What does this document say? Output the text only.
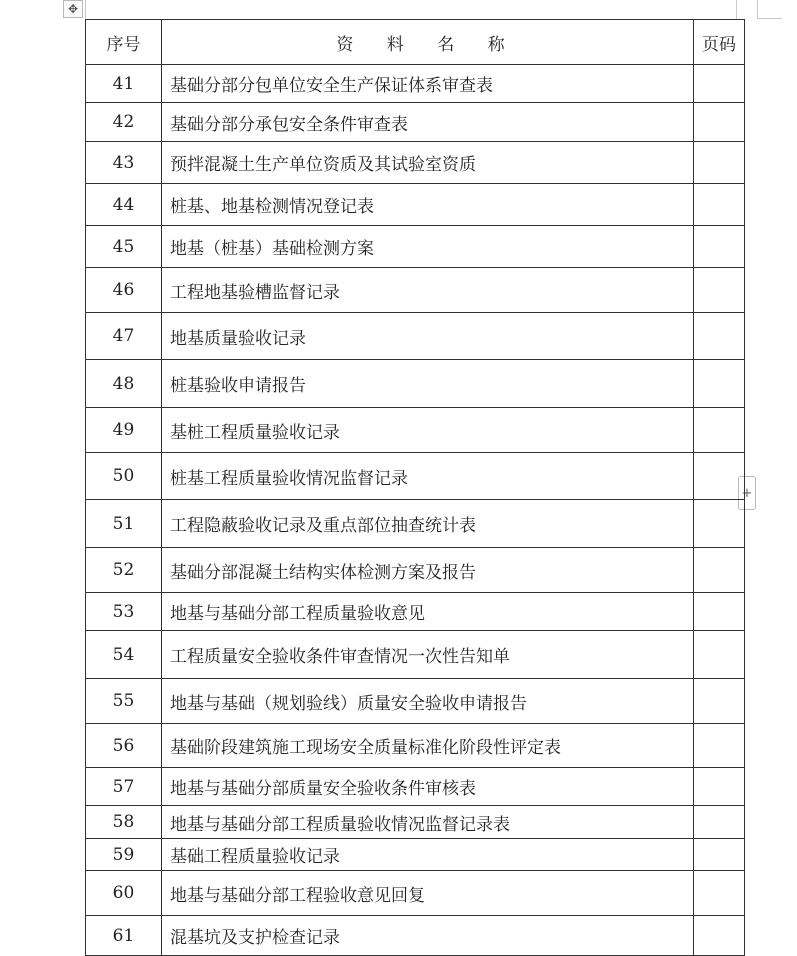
✥
+
序号	资 料 名 称	页码
41	基础分部分包单位安全生产保证体系审查表	
42	基础分部分承包安全条件审查表	
43	预拌混凝土生产单位资质及其试验室资质	
44	桩基、地基检测情况登记表	
45	地基（桩基）基础检测方案	
46	工程地基验槽监督记录	
47	地基质量验收记录	
48	桩基验收申请报告	
49	基桩工程质量验收记录	
50	桩基工程质量验收情况监督记录	
51	工程隐蔽验收记录及重点部位抽查统计表	
52	基础分部混凝土结构实体检测方案及报告	
53	地基与基础分部工程质量验收意见	
54	工程质量安全验收条件审查情况一次性告知单	
55	地基与基础（规划验线）质量安全验收申请报告	
56	基础阶段建筑施工现场安全质量标准化阶段性评定表	
57	地基与基础分部质量安全验收条件审核表	
58	地基与基础分部工程质量验收情况监督记录表	
59	基础工程质量验收记录	
60	地基与基础分部工程验收意见回复	
61	混基坑及支护检查记录	
